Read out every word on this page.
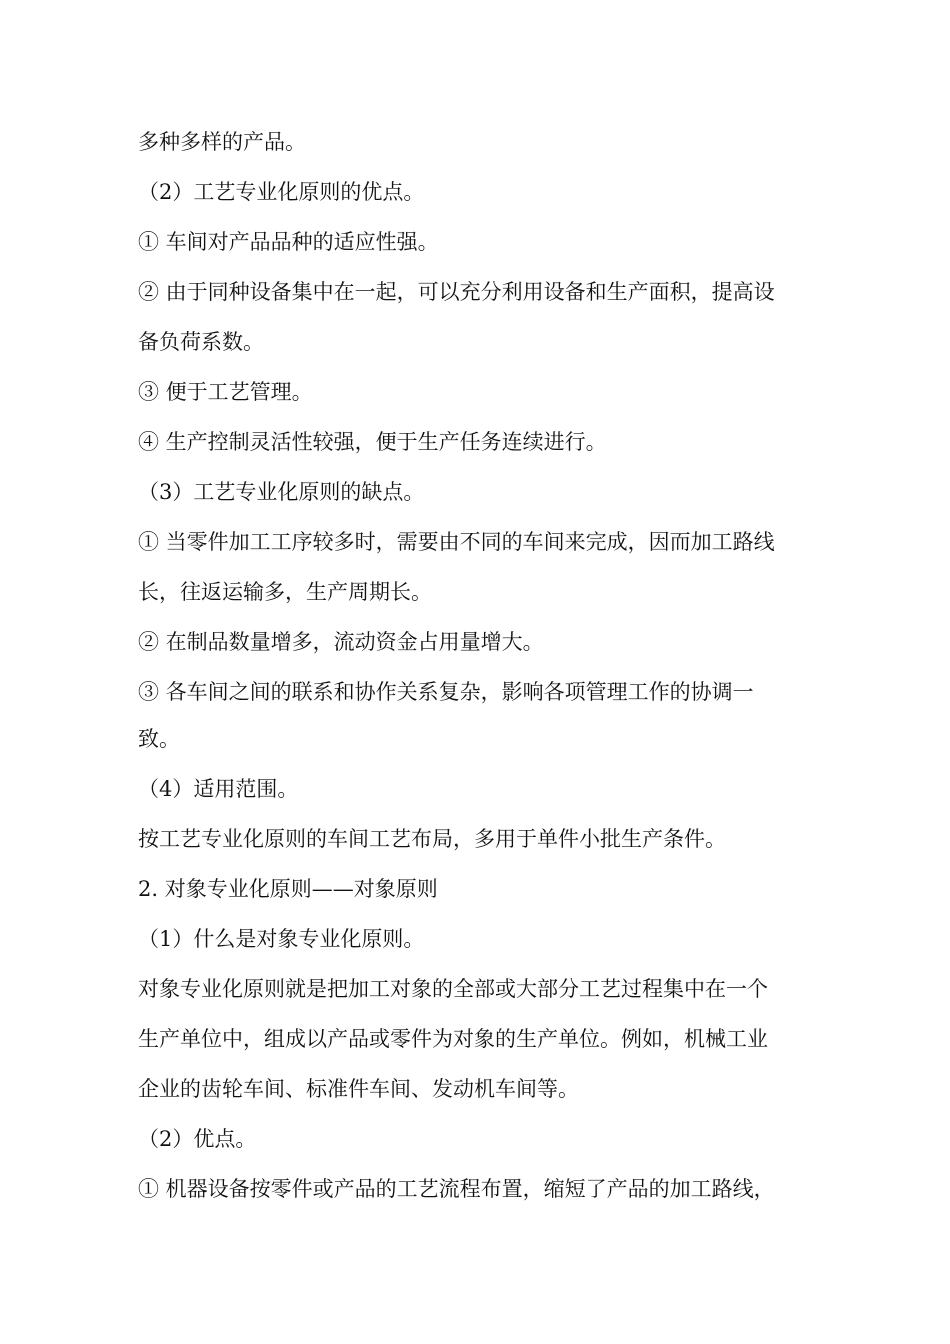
多种多样的产品。
（2）工艺专业化原则的优点。
① 车间对产品品种的适应性强。
② 由于同种设备集中在一起，可以充分利用设备和生产面积，提高设
备负荷系数。
③ 便于工艺管理。
④ 生产控制灵活性较强，便于生产任务连续进行。
（3）工艺专业化原则的缺点。
① 当零件加工工序较多时，需要由不同的车间来完成，因而加工路线
长，往返运输多，生产周期长。
② 在制品数量增多，流动资金占用量增大。
③ 各车间之间的联系和协作关系复杂，影响各项管理工作的协调一
致。
（4）适用范围。
按工艺专业化原则的车间工艺布局，多用于单件小批生产条件。
2. 对象专业化原则——对象原则
（1）什么是对象专业化原则。
对象专业化原则就是把加工对象的全部或大部分工艺过程集中在一个
生产单位中，组成以产品或零件为对象的生产单位。例如，机械工业
企业的齿轮车间、标准件车间、发动机车间等。
（2）优点。
① 机器设备按零件或产品的工艺流程布置，缩短了产品的加工路线，
